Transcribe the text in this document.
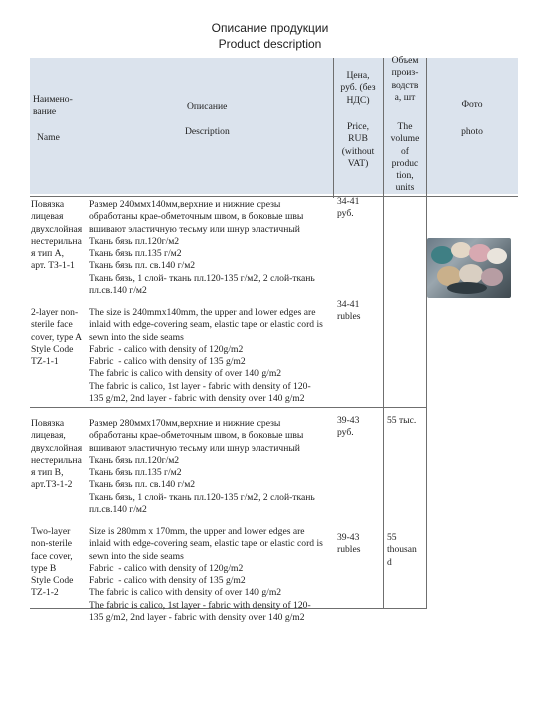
Описание продукции
Product description
Наимено-
вание
Name
Описание
Description
Цена,
руб. (без
НДС)
Price,
RUB
(without
VAT)
Объем
произ-
водств
а, шт
The
volume
of
produc
tion,
units
Фото
photo
Повязка
лицевая
двухслойная
нестерильна
я тип А,
арт. ТЗ-1-1
Размер 240ммх140мм,верхние и нижние срезы
обработаны крае-обметочным швом, в боковые швы
вшивают эластичную тесьму или шнур эластичный
Ткань бязь пл.120г/м2
Ткань бязь пл.135 г/м2
Ткань бязь пл. св.140 г/м2
Ткань бязь, 1 слой- ткань пл.120-135 г/м2, 2 слой-ткань
пл.св.140 г/м2
34-41
руб.
2-layer non-
sterile face
cover, type A
Style Code
TZ-1-1
The size is 240mmx140mm, the upper and lower edges are
inlaid with edge-covering seam, elastic tape or elastic cord is
sewn into the side seams
Fabric  - calico with density of 120g/m2
Fabric  - calico with density of 135 g/m2
The fabric is calico with density of over 140 g/m2
The fabric is calico, 1st layer - fabric with density of 120-
135 g/m2, 2nd layer - fabric with density over 140 g/m2
34-41
rubles
Повязка
лицевая,
двухслойная
нестерильна
я тип В,
арт.ТЗ-1-2
Размер 280ммх170мм,верхние и нижние срезы
обработаны крае-обметочным швом, в боковые швы
вшивают эластичную тесьму или шнур эластичный
Ткань бязь пл.120г/м2
Ткань бязь пл.135 г/м2
Ткань бязь пл. св.140 г/м2
Ткань бязь, 1 слой- ткань пл.120-135 г/м2, 2 слой-ткань
пл.св.140 г/м2
39-43
руб.
55 тыс.
Two-layer
non-sterile
face cover,
type B
Style Code
TZ-1-2
Size is 280mm x 170mm, the upper and lower edges are
inlaid with edge-covering seam, elastic tape or elastic cord is
sewn into the side seams
Fabric  - calico with density of 120g/m2
Fabric  - calico with density of 135 g/m2
The fabric is calico with density of over 140 g/m2
The fabric is calico, 1st layer - fabric with density of 120-
135 g/m2, 2nd layer - fabric with density over 140 g/m2
39-43
rubles
55
thousan
d
